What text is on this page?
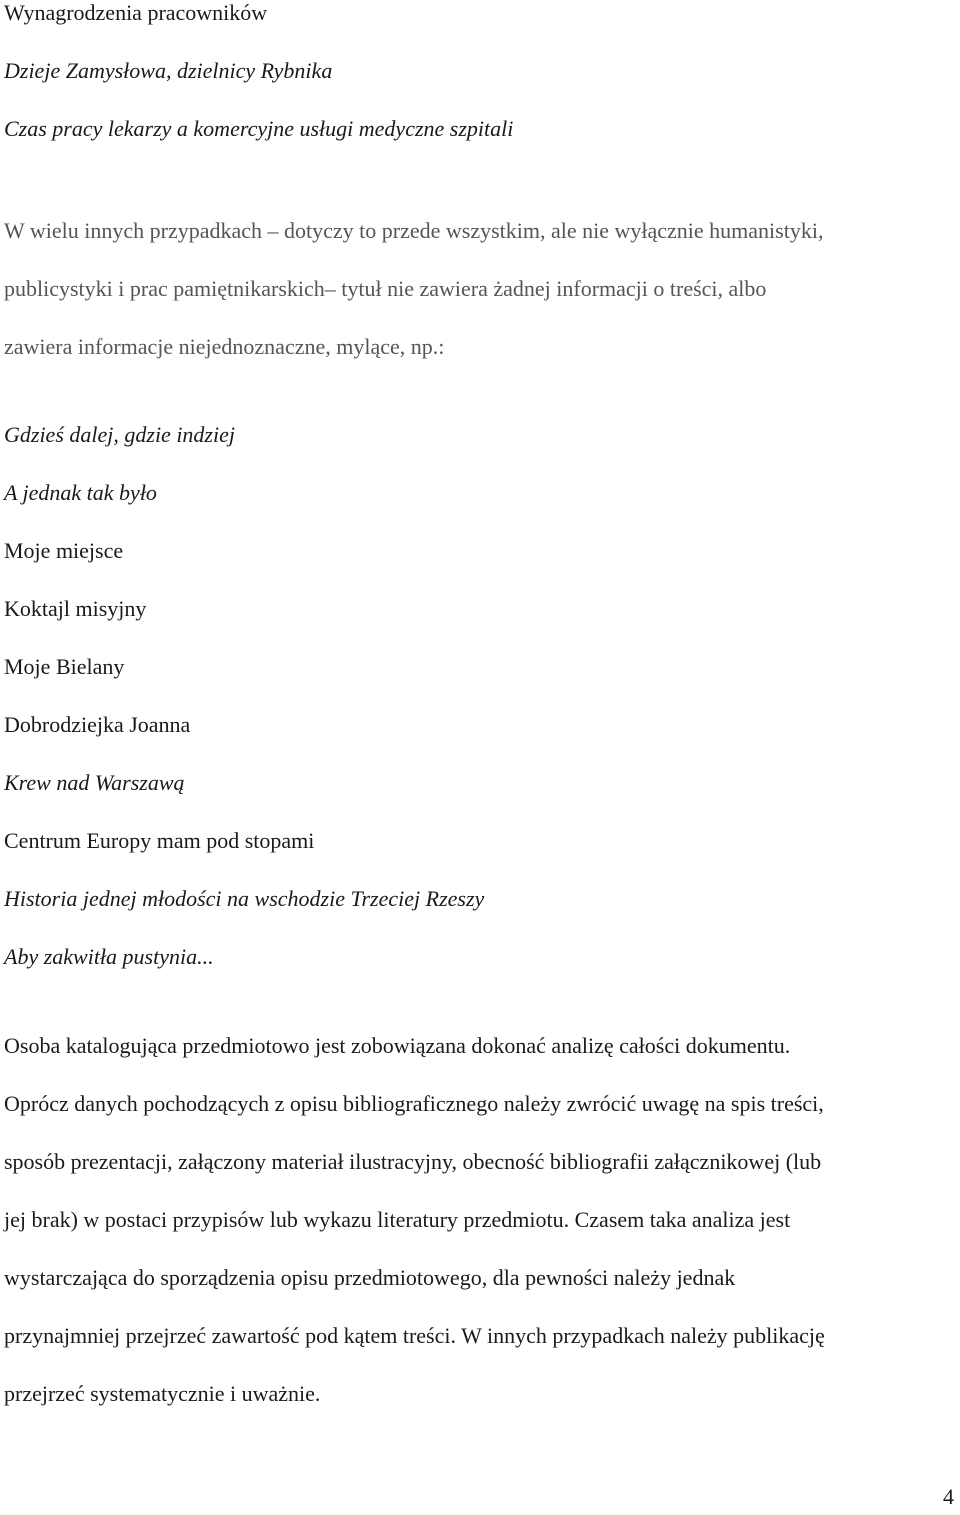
Wynagrodzenia pracowników

Dzieje Zamysłowa, dzielnicy Rybnika

Czas pracy lekarzy a komercyjne usługi medyczne szpitali

W wielu innych przypadkach – dotyczy to przede wszystkim, ale nie wyłącznie humanistyki,

publicystyki i prac pamiętnikarskich– tytuł nie zawiera żadnej informacji o treści, albo

zawiera informacje niejednoznaczne, mylące, np.:

Gdzieś dalej, gdzie indziej

A jednak tak było

Moje miejsce

Koktajl misyjny

Moje Bielany

Dobrodziejka Joanna

Krew nad Warszawą

Centrum Europy mam pod stopami

Historia jednej młodości na wschodzie Trzeciej Rzeszy

Aby zakwitła pustynia...

Osoba katalogująca przedmiotowo jest zobowiązana dokonać analizę całości dokumentu.

Oprócz danych pochodzących z opisu bibliograficznego należy zwrócić uwagę na spis treści,

sposób prezentacji, załączony materiał ilustracyjny, obecność bibliografii załącznikowej (lub

jej brak) w postaci przypisów lub wykazu literatury przedmiotu. Czasem taka analiza jest

wystarczająca do sporządzenia opisu przedmiotowego, dla pewności należy jednak

przynajmniej przejrzeć zawartość pod kątem treści. W innych przypadkach należy publikację

przejrzeć systematycznie i uważnie.

4
